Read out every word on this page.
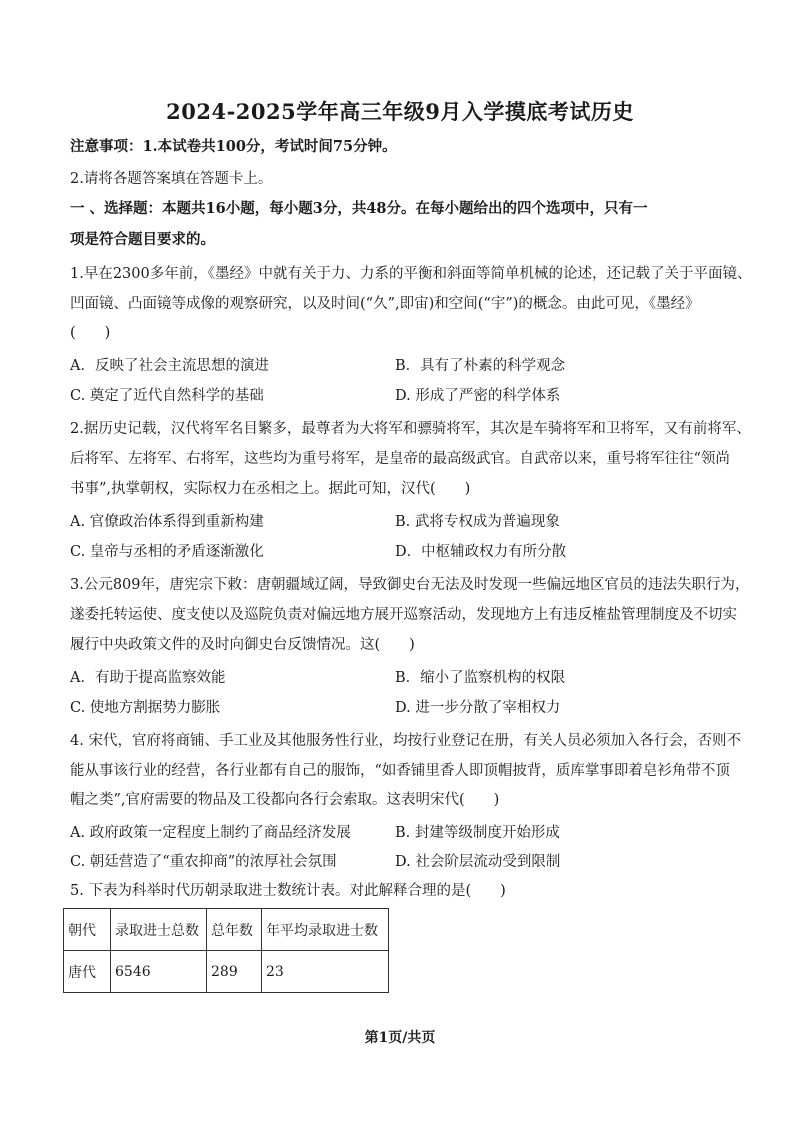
2024-2025学年高三年级9月入学摸底考试历史
注意事项：1.本试卷共100分，考试时间75分钟。
2.请将各题答案填在答题卡上。
一 、选择题：本题共16小题，每小题3分，共48分。在每小题给出的四个选项中，只有一
项是符合题目要求的。
1.早在2300多年前，《墨经》中就有关于力、力系的平衡和斜面等简单机械的论述，还记载了关于平面镜、
凹面镜、凸面镜等成像的观察研究，以及时间(“久”,即宙)和空间(“宇”)的概念。由此可见，《墨经》
(　　)
A．反映了社会主流思想的演进	B．具有了朴素的科学观念
C. 奠定了近代自然科学的基础	D. 形成了严密的科学体系
2.据历史记载，汉代将军名目繁多，最尊者为大将军和骠骑将军，其次是车骑将军和卫将军，又有前将军、
后将军、左将军、右将军，这些均为重号将军，是皇帝的最高级武官。自武帝以来，重号将军往往“领尚
书事”,执掌朝权，实际权力在丞相之上。据此可知，汉代(　　)
A. 官僚政治体系得到重新构建	B. 武将专权成为普遍现象
C. 皇帝与丞相的矛盾逐渐激化	D．中枢辅政权力有所分散
3.公元809年，唐宪宗下敕：唐朝疆域辽阔，导致御史台无法及时发现一些偏远地区官员的违法失职行为，
遂委托转运使、度支使以及巡院负责对偏远地方展开巡察活动，发现地方上有违反榷盐管理制度及不切实
履行中央政策文件的及时向御史台反馈情况。这(　　)
A．有助于提高监察效能	B．缩小了监察机构的权限
C. 使地方割据势力膨胀	D. 进一步分散了宰相权力
4. 宋代，官府将商铺、手工业及其他服务性行业，均按行业登记在册，有关人员必须加入各行会，否则不
能从事该行业的经营，各行业都有自己的服饰，“如香铺里香人即顶帽披背，质库掌事即着皂衫角带不顶
帽之类”,官府需要的物品及工役都向各行会索取。这表明宋代(　　)
A. 政府政策一定程度上制约了商品经济发展	B. 封建等级制度开始形成
C. 朝廷营造了“重农抑商”的浓厚社会氛围	D. 社会阶层流动受到限制
5. 下表为科举时代历朝录取进士数统计表。对此解释合理的是(　　)
朝代	录取进士总数	总年数	年平均录取进士数
唐代	6546	289	23
第1页/共页
